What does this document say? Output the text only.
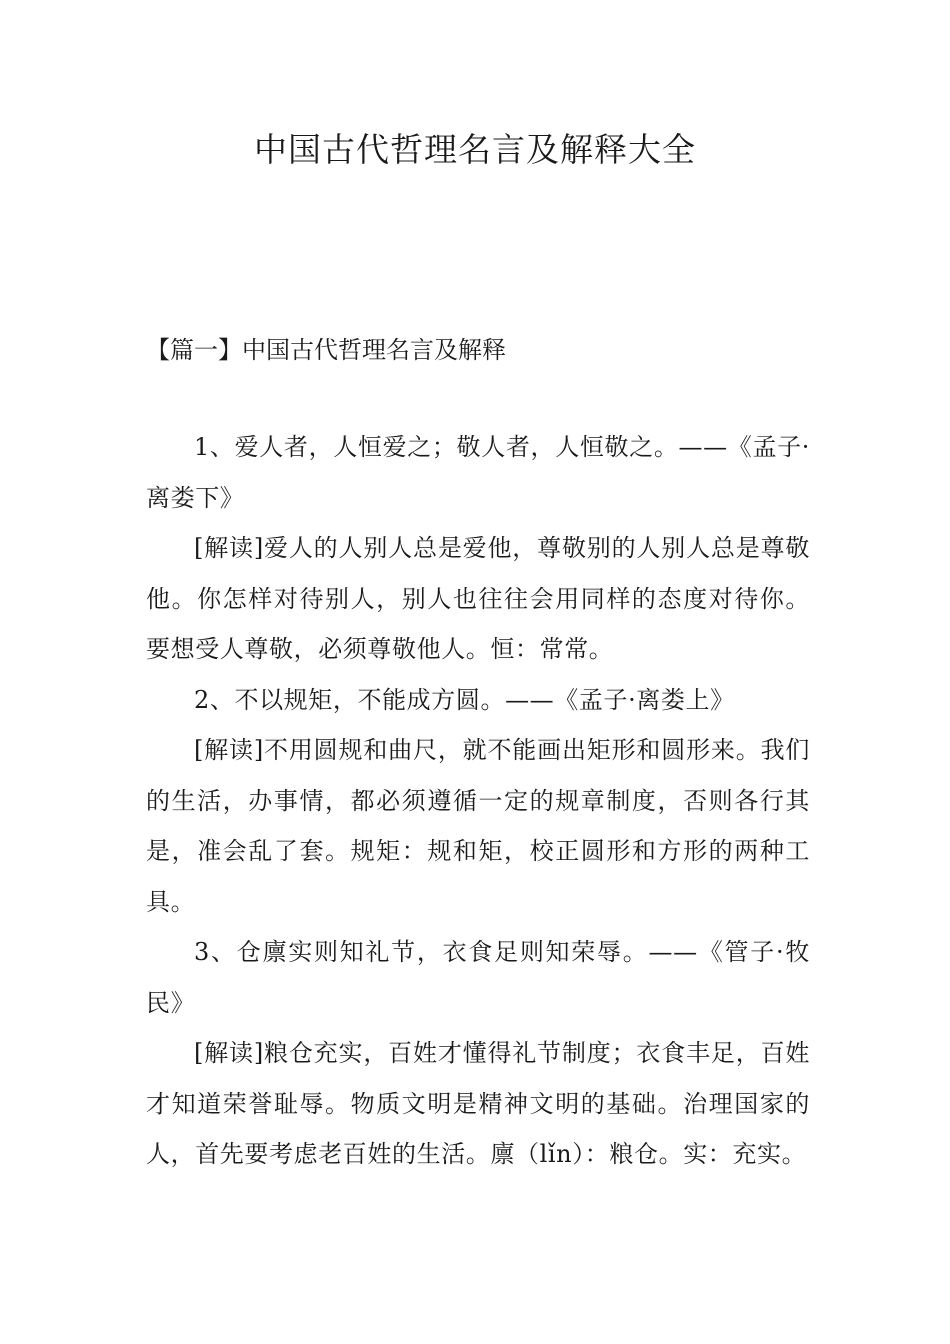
中国古代哲理名言及解释大全
【篇一】中国古代哲理名言及解释

1、爱人者，人恒爱之；敬人者，人恒敬之。——《孟子·离娄下》

[解读]爱人的人别人总是爱他，尊敬别的人别人总是尊敬他。你怎样对待别人，别人也往往会用同样的态度对待你。要想受人尊敬，必须尊敬他人。恒：常常。

2、不以规矩，不能成方圆。——《孟子·离娄上》

[解读]不用圆规和曲尺，就不能画出矩形和圆形来。我们的生活，办事情，都必须遵循一定的规章制度，否则各行其是，准会乱了套。规矩：规和矩，校正圆形和方形的两种工具。

3、仓廪实则知礼节，衣食足则知荣辱。——《管子·牧民》

[解读]粮仓充实，百姓才懂得礼节制度；衣食丰足，百姓才知道荣誉耻辱。物质文明是精神文明的基础。治理国家的人，首先要考虑老百姓的生活。廪（lǐn）：粮仓。实：充实。
